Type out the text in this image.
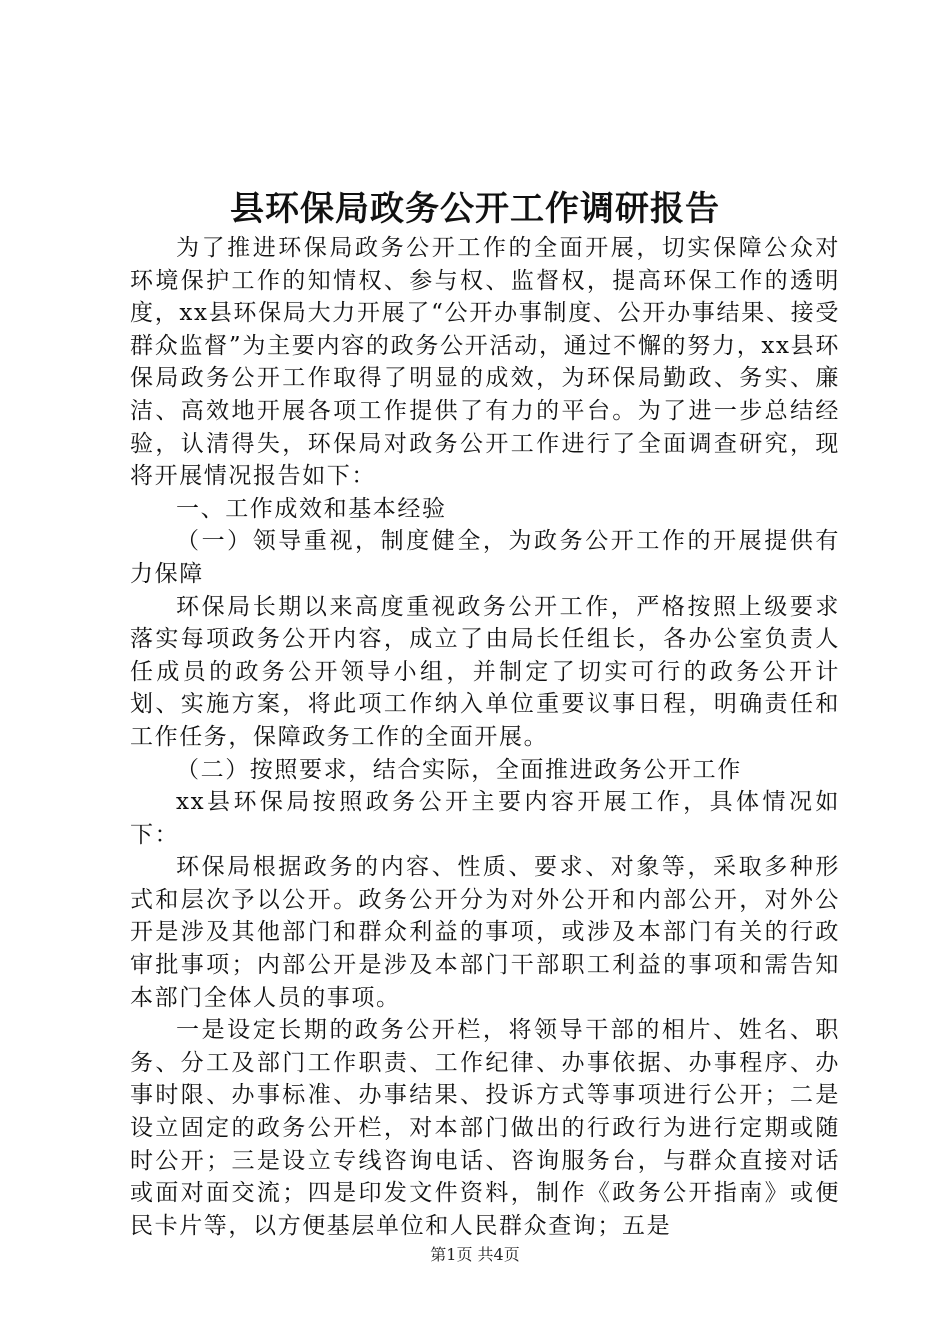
县环保局政务公开工作调研报告

为了推进环保局政务公开工作的全面开展，切实保障公众对环境保护工作的知情权、参与权、监督权，提高环保工作的透明度，xx县环保局大力开展了“公开办事制度、公开办事结果、接受群众监督”为主要内容的政务公开活动，通过不懈的努力，xx县环保局政务公开工作取得了明显的成效，为环保局勤政、务实、廉洁、高效地开展各项工作提供了有力的平台。为了进一步总结经验，认清得失，环保局对政务公开工作进行了全面调查研究，现将开展情况报告如下：

一、工作成效和基本经验

（一）领导重视，制度健全，为政务公开工作的开展提供有力保障

环保局长期以来高度重视政务公开工作，严格按照上级要求落实每项政务公开内容，成立了由局长任组长，各办公室负责人任成员的政务公开领导小组，并制定了切实可行的政务公开计划、实施方案，将此项工作纳入单位重要议事日程，明确责任和工作任务，保障政务工作的全面开展。

（二）按照要求，结合实际，全面推进政务公开工作

xx县环保局按照政务公开主要内容开展工作，具体情况如下：

环保局根据政务的内容、性质、要求、对象等，采取多种形式和层次予以公开。政务公开分为对外公开和内部公开，对外公开是涉及其他部门和群众利益的事项，或涉及本部门有关的行政审批事项；内部公开是涉及本部门干部职工利益的事项和需告知本部门全体人员的事项。

一是设定长期的政务公开栏，将领导干部的相片、姓名、职务、分工及部门工作职责、工作纪律、办事依据、办事程序、办事时限、办事标准、办事结果、投诉方式等事项进行公开；二是设立固定的政务公开栏，对本部门做出的行政行为进行定期或随时公开；三是设立专线咨询电话、咨询服务台，与群众直接对话或面对面交流；四是印发文件资料，制作《政务公开指南》或便民卡片等，以方便基层单位和人民群众查询；五是

第1页 共4页
